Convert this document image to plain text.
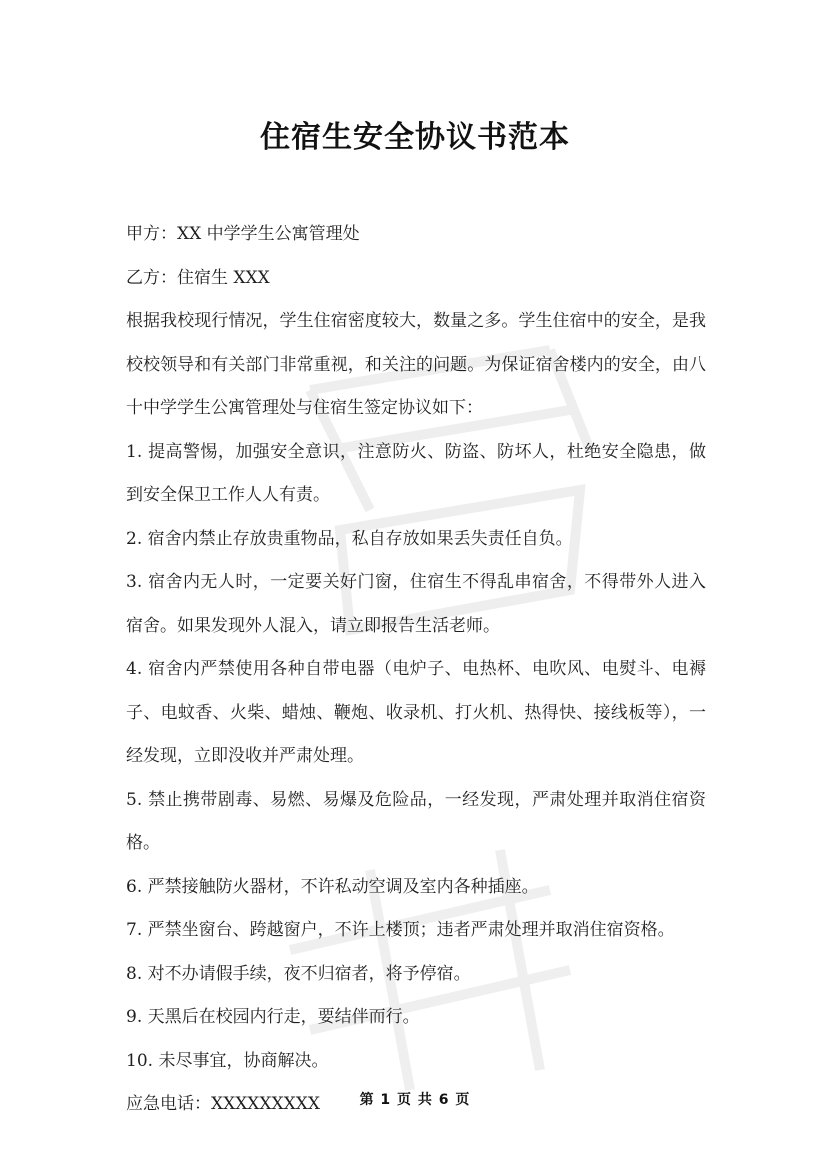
住宿生安全协议书范本

甲方：XX 中学学生公寓管理处

乙方：住宿生 XXX

根据我校现行情况，学生住宿密度较大，数量之多。学生住宿中的安全，是我校校领导和有关部门非常重视，和关注的问题。为保证宿舍楼内的安全，由八十中学学生公寓管理处与住宿生签定协议如下：

1. 提高警惕，加强安全意识，注意防火、防盗、防坏人，杜绝安全隐患，做到安全保卫工作人人有责。

2. 宿舍内禁止存放贵重物品，私自存放如果丢失责任自负。

3. 宿舍内无人时，一定要关好门窗，住宿生不得乱串宿舍，不得带外人进入宿舍。如果发现外人混入，请立即报告生活老师。

4. 宿舍内严禁使用各种自带电器（电炉子、电热杯、电吹风、电熨斗、电褥子、电蚊香、火柴、蜡烛、鞭炮、收录机、打火机、热得快、接线板等），一经发现，立即没收并严肃处理。

5. 禁止携带剧毒、易燃、易爆及危险品，一经发现，严肃处理并取消住宿资格。

6. 严禁接触防火器材，不许私动空调及室内各种插座。

7. 严禁坐窗台、跨越窗户，不许上楼顶；违者严肃处理并取消住宿资格。

8. 对不办请假手续，夜不归宿者，将予停宿。

9. 天黑后在校园内行走，要结伴而行。

10. 未尽事宜，协商解决。

应急电话：XXXXXXXXX	第 1 页 共 6 页
